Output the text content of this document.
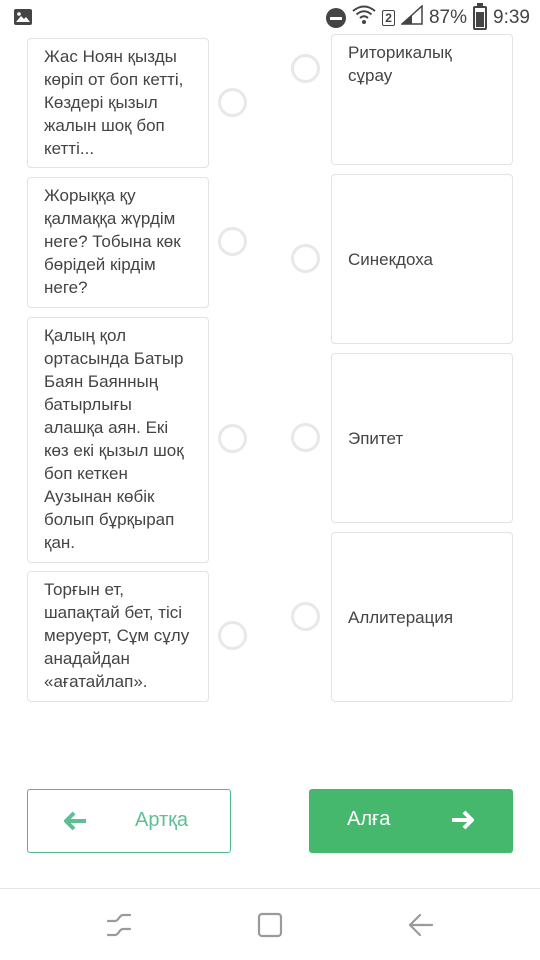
2 87% 9:39
Жас Ноян қызды көріп от боп кетті, Көздері қызыл жалын шоқ боп кетті...
Жорыққа қу қалмаққа жүрдім неге? Тобына көк бөрідей кірдім неге?
Қалың қол ортасында Батыр Баян Баянның батырлығы алашқа аян. Екі көз екі қызыл шоқ боп кеткен Аузынан көбік болып бұрқырап қан.
Торғын ет, шапақтай бет, тісі меруерт, Сұм сұлу анадайдан «ағатайлап».
Риторикалық сұрау
Синекдоха
Эпитет
Аллитерация
Артқа	Алға
